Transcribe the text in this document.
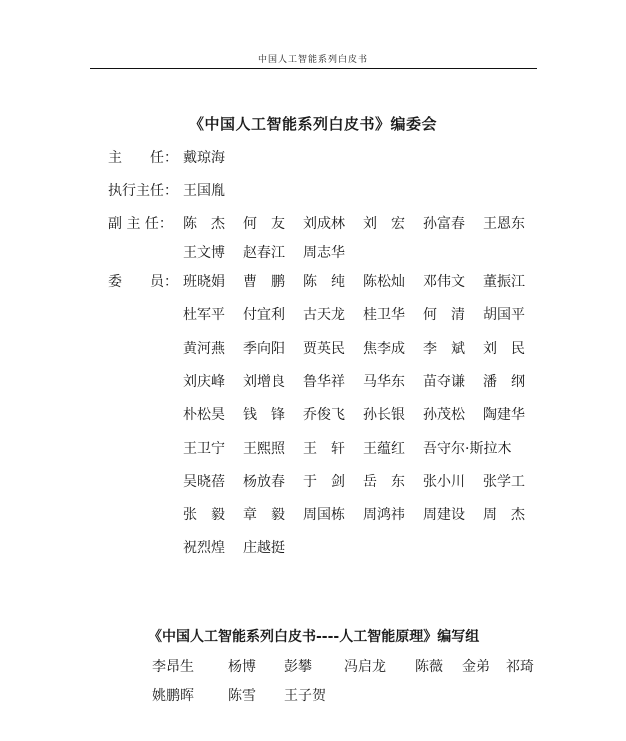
中国人工智能系列白皮书
《中国人工智能系列白皮书》编委会
主　　任： 戴琼海
执行主任： 王国胤
副 主 任： 陈　杰	何　友	刘成林	刘　宏	孙富春	王恩东
王文博	赵春江	周志华
委　　员： 班晓娟	曹　鹏	陈　纯	陈松灿	邓伟文	董振江
杜军平	付宜利	古天龙	桂卫华	何　清	胡国平
黄河燕	季向阳	贾英民	焦李成	李　斌	刘　民
刘庆峰	刘增良	鲁华祥	马华东	苗夺谦	潘　纲
朴松昊	钱　锋	乔俊飞	孙长银	孙茂松	陶建华
王卫宁	王熙照	王　轩	王蕴红	吾守尔·斯拉木
吴晓蓓	杨放春	于　剑	岳　东	张小川	张学工
张　毅	章　毅	周国栋	周鸿祎	周建设	周　杰
祝烈煌	庄越挺
《中国人工智能系列白皮书----人工智能原理》编写组
李昂生 杨博 彭攀 冯启龙 陈薇 金弟 祁琦
姚鹏晖 陈雪 王子贺
